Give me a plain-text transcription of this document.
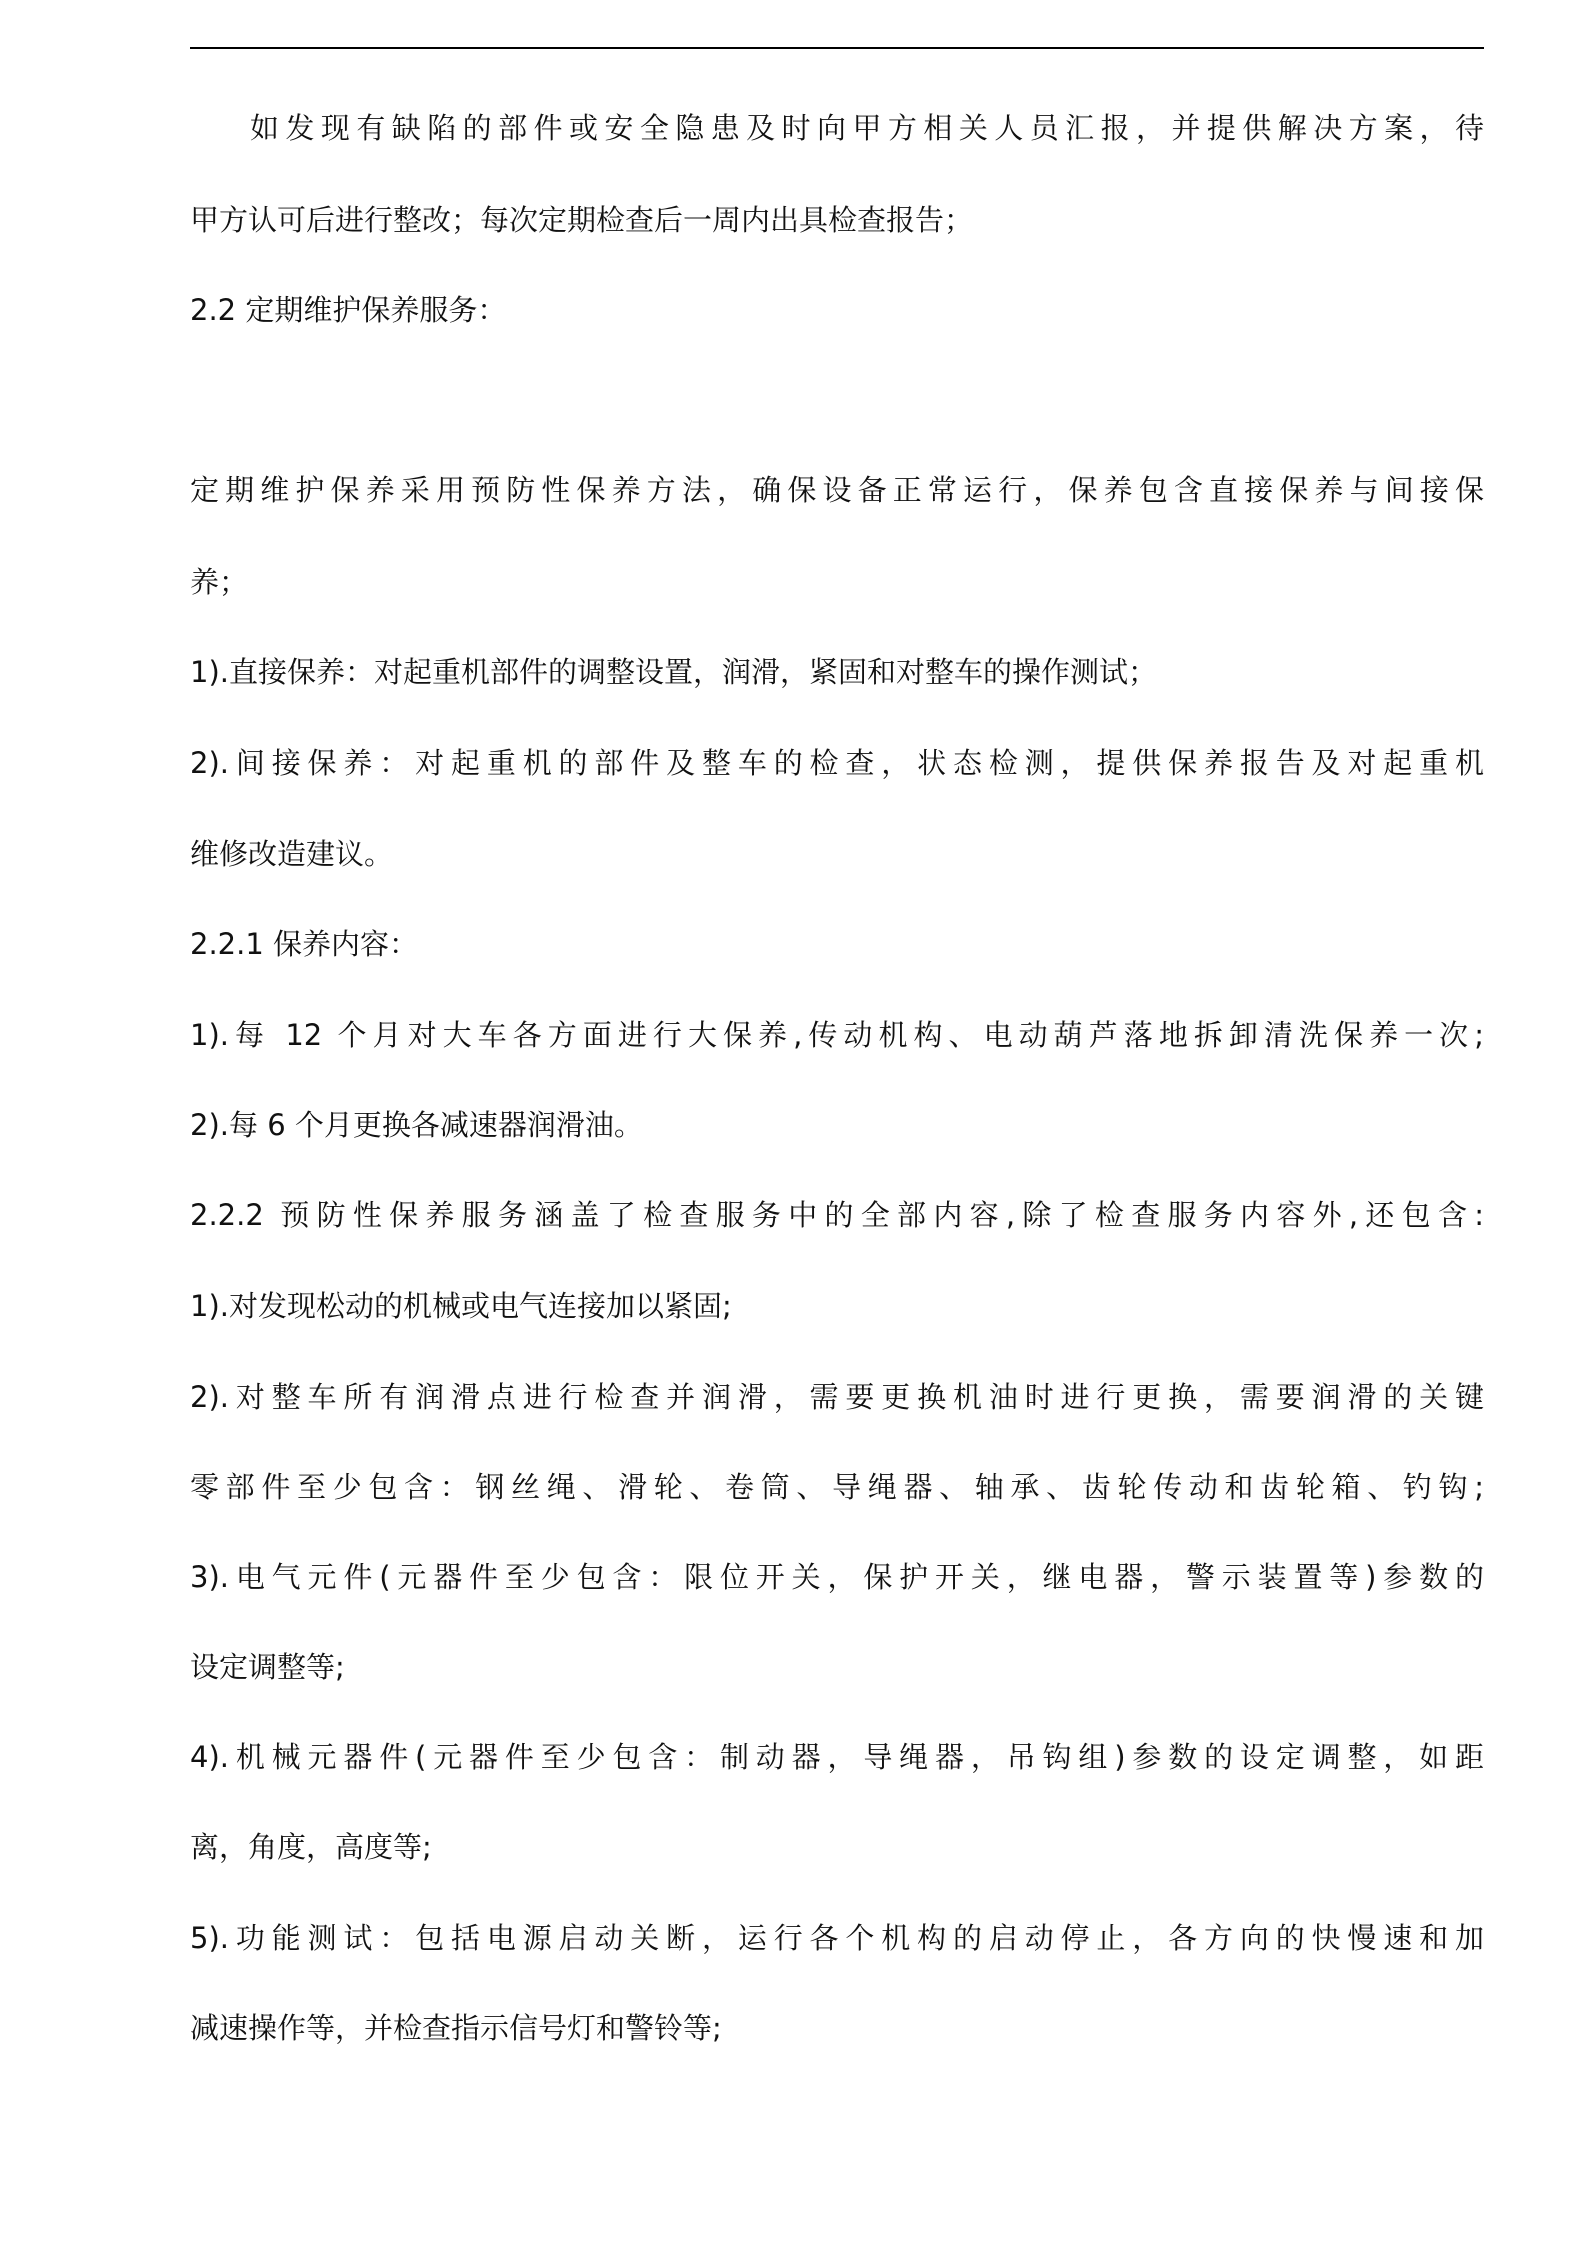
如发现有缺陷的部件或安全隐患及时向甲方相关人员汇报，并提供解决方案，待
甲方认可后进行整改；每次定期检查后一周内出具检查报告；
2.2 定期维护保养服务：
定期维护保养采用预防性保养方法，确保设备正常运行，保养包含直接保养与间接保
养；
1).直接保养：对起重机部件的调整设置，润滑，紧固和对整车的操作测试；
2).间接保养：对起重机的部件及整车的检查，状态检测，提供保养报告及对起重机
维修改造建议。
2.2.1 保养内容：
1).每 12 个月对大车各方面进行大保养,传动机构、电动葫芦落地拆卸清洗保养一次;
2).每 6 个月更换各减速器润滑油。
2.2.2 预防性保养服务涵盖了检查服务中的全部内容,除了检查服务内容外,还包含:
1).对发现松动的机械或电气连接加以紧固;
2).对整车所有润滑点进行检查并润滑，需要更换机油时进行更换，需要润滑的关键
零部件至少包含：钢丝绳、滑轮、卷筒、导绳器、轴承、齿轮传动和齿轮箱、钓钩;
3).电气元件(元器件至少包含：限位开关，保护开关，继电器，警示装置等)参数的
设定调整等;
4).机械元器件(元器件至少包含：制动器，导绳器，吊钩组)参数的设定调整，如距
离，角度，高度等;
5).功能测试：包括电源启动关断，运行各个机构的启动停止，各方向的快慢速和加
减速操作等，并检查指示信号灯和警铃等;
